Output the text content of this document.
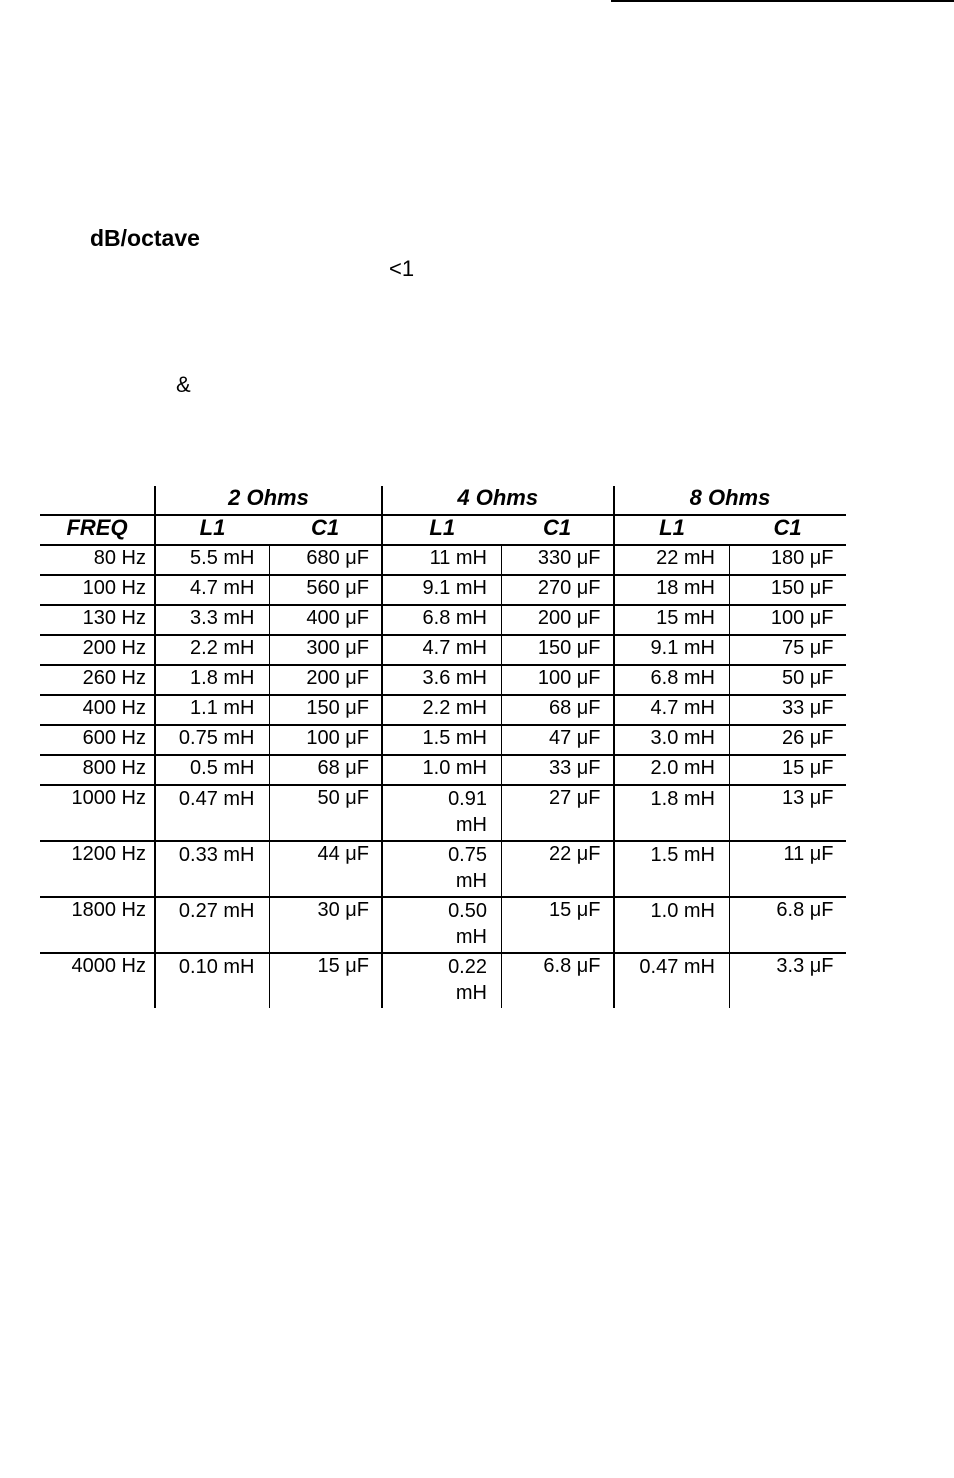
dB/octave
<1
&
	2 Ohms		4 Ohms		8 Ohms	
FREQ	L1	C1	L1	C1	L1	C1
80 Hz	5.5 mH	680 μF	11 mH	330 μF	22 mH	180 μF
100 Hz	4.7 mH	560 μF	9.1 mH	270 μF	18 mH	150 μF
130 Hz	3.3 mH	400 μF	6.8 mH	200 μF	15 mH	100 μF
200 Hz	2.2 mH	300 μF	4.7 mH	150 μF	9.1 mH	75 μF
260 Hz	1.8 mH	200 μF	3.6 mH	100 μF	6.8 mH	50 μF
400 Hz	1.1 mH	150 μF	2.2 mH	68 μF	4.7 mH	33 μF
600 Hz	0.75 mH	100 μF	1.5 mH	47 μF	3.0 mH	26 μF
800 Hz	0.5 mH	68 μF	1.0 mH	33 μF	2.0 mH	15 μF
1000 Hz	0.47 mH	50 μF	0.91 mH	27 μF	1.8 mH	13 μF
1200 Hz	0.33 mH	44 μF	0.75 mH	22 μF	1.5 mH	11 μF
1800 Hz	0.27 mH	30 μF	0.50 mH	15 μF	1.0 mH	6.8 μF
4000 Hz	0.10 mH	15 μF	0.22 mH	6.8 μF	0.47 mH	3.3 μF
